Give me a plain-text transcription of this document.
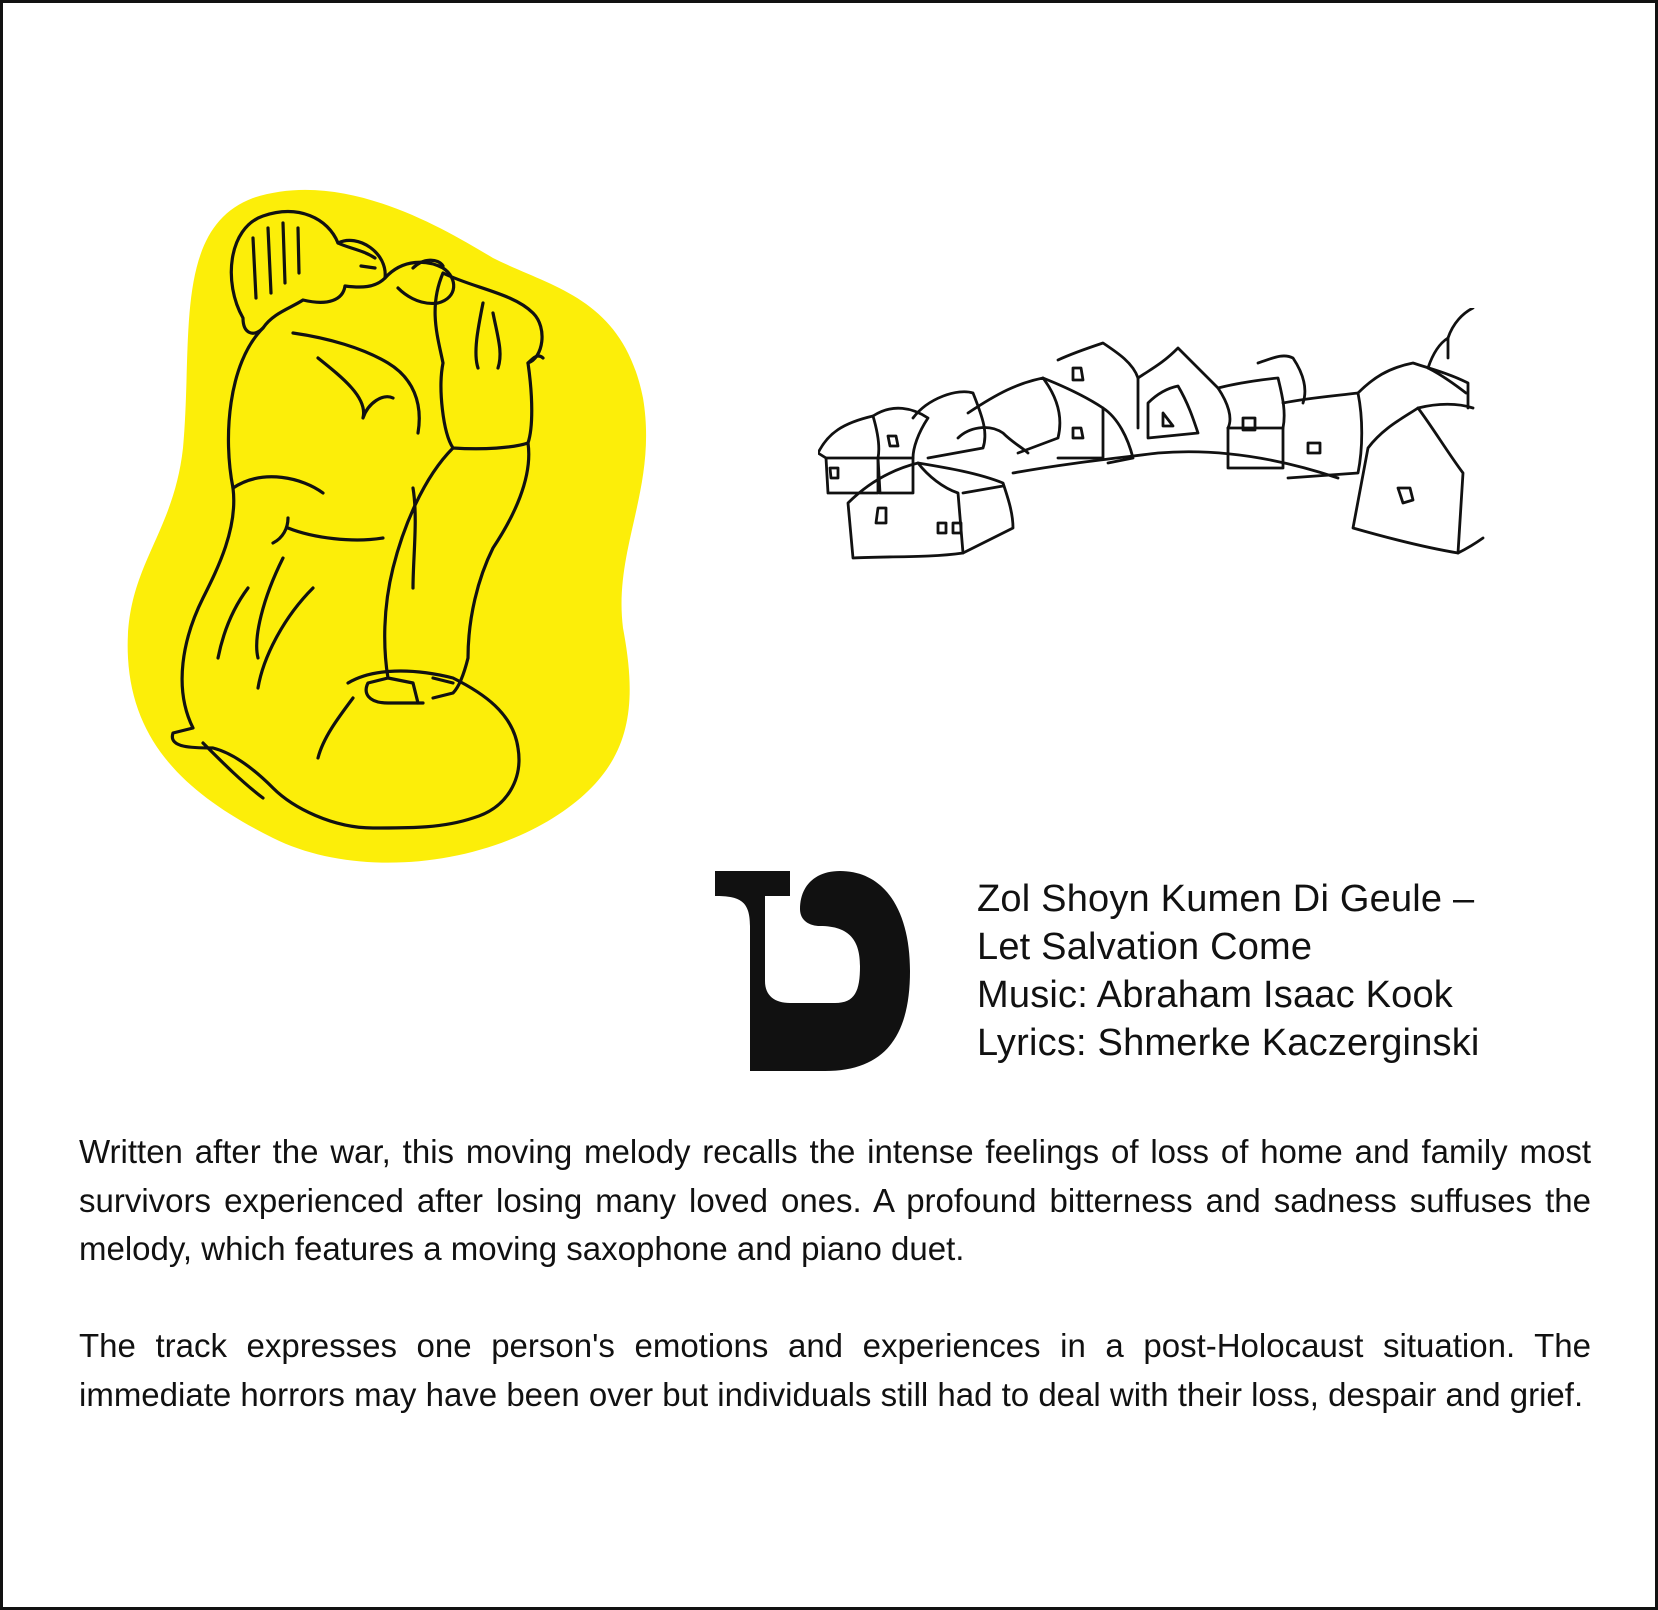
Zol Shoyn Kumen Di Geule –
Let Salvation Come
Music: Abraham Isaac Kook
Lyrics: Shmerke Kaczerginski

Written after the war, this moving melody recalls the intense feelings of loss of home and family most survivors experienced after losing many loved ones. A profound bitterness and sadness suffuses the melody, which features a moving saxophone and piano duet.

The track expresses one person's emotions and experiences in a post-Holocaust situation. The immediate horrors may have been over but individuals still had to deal with their loss, despair and grief.
